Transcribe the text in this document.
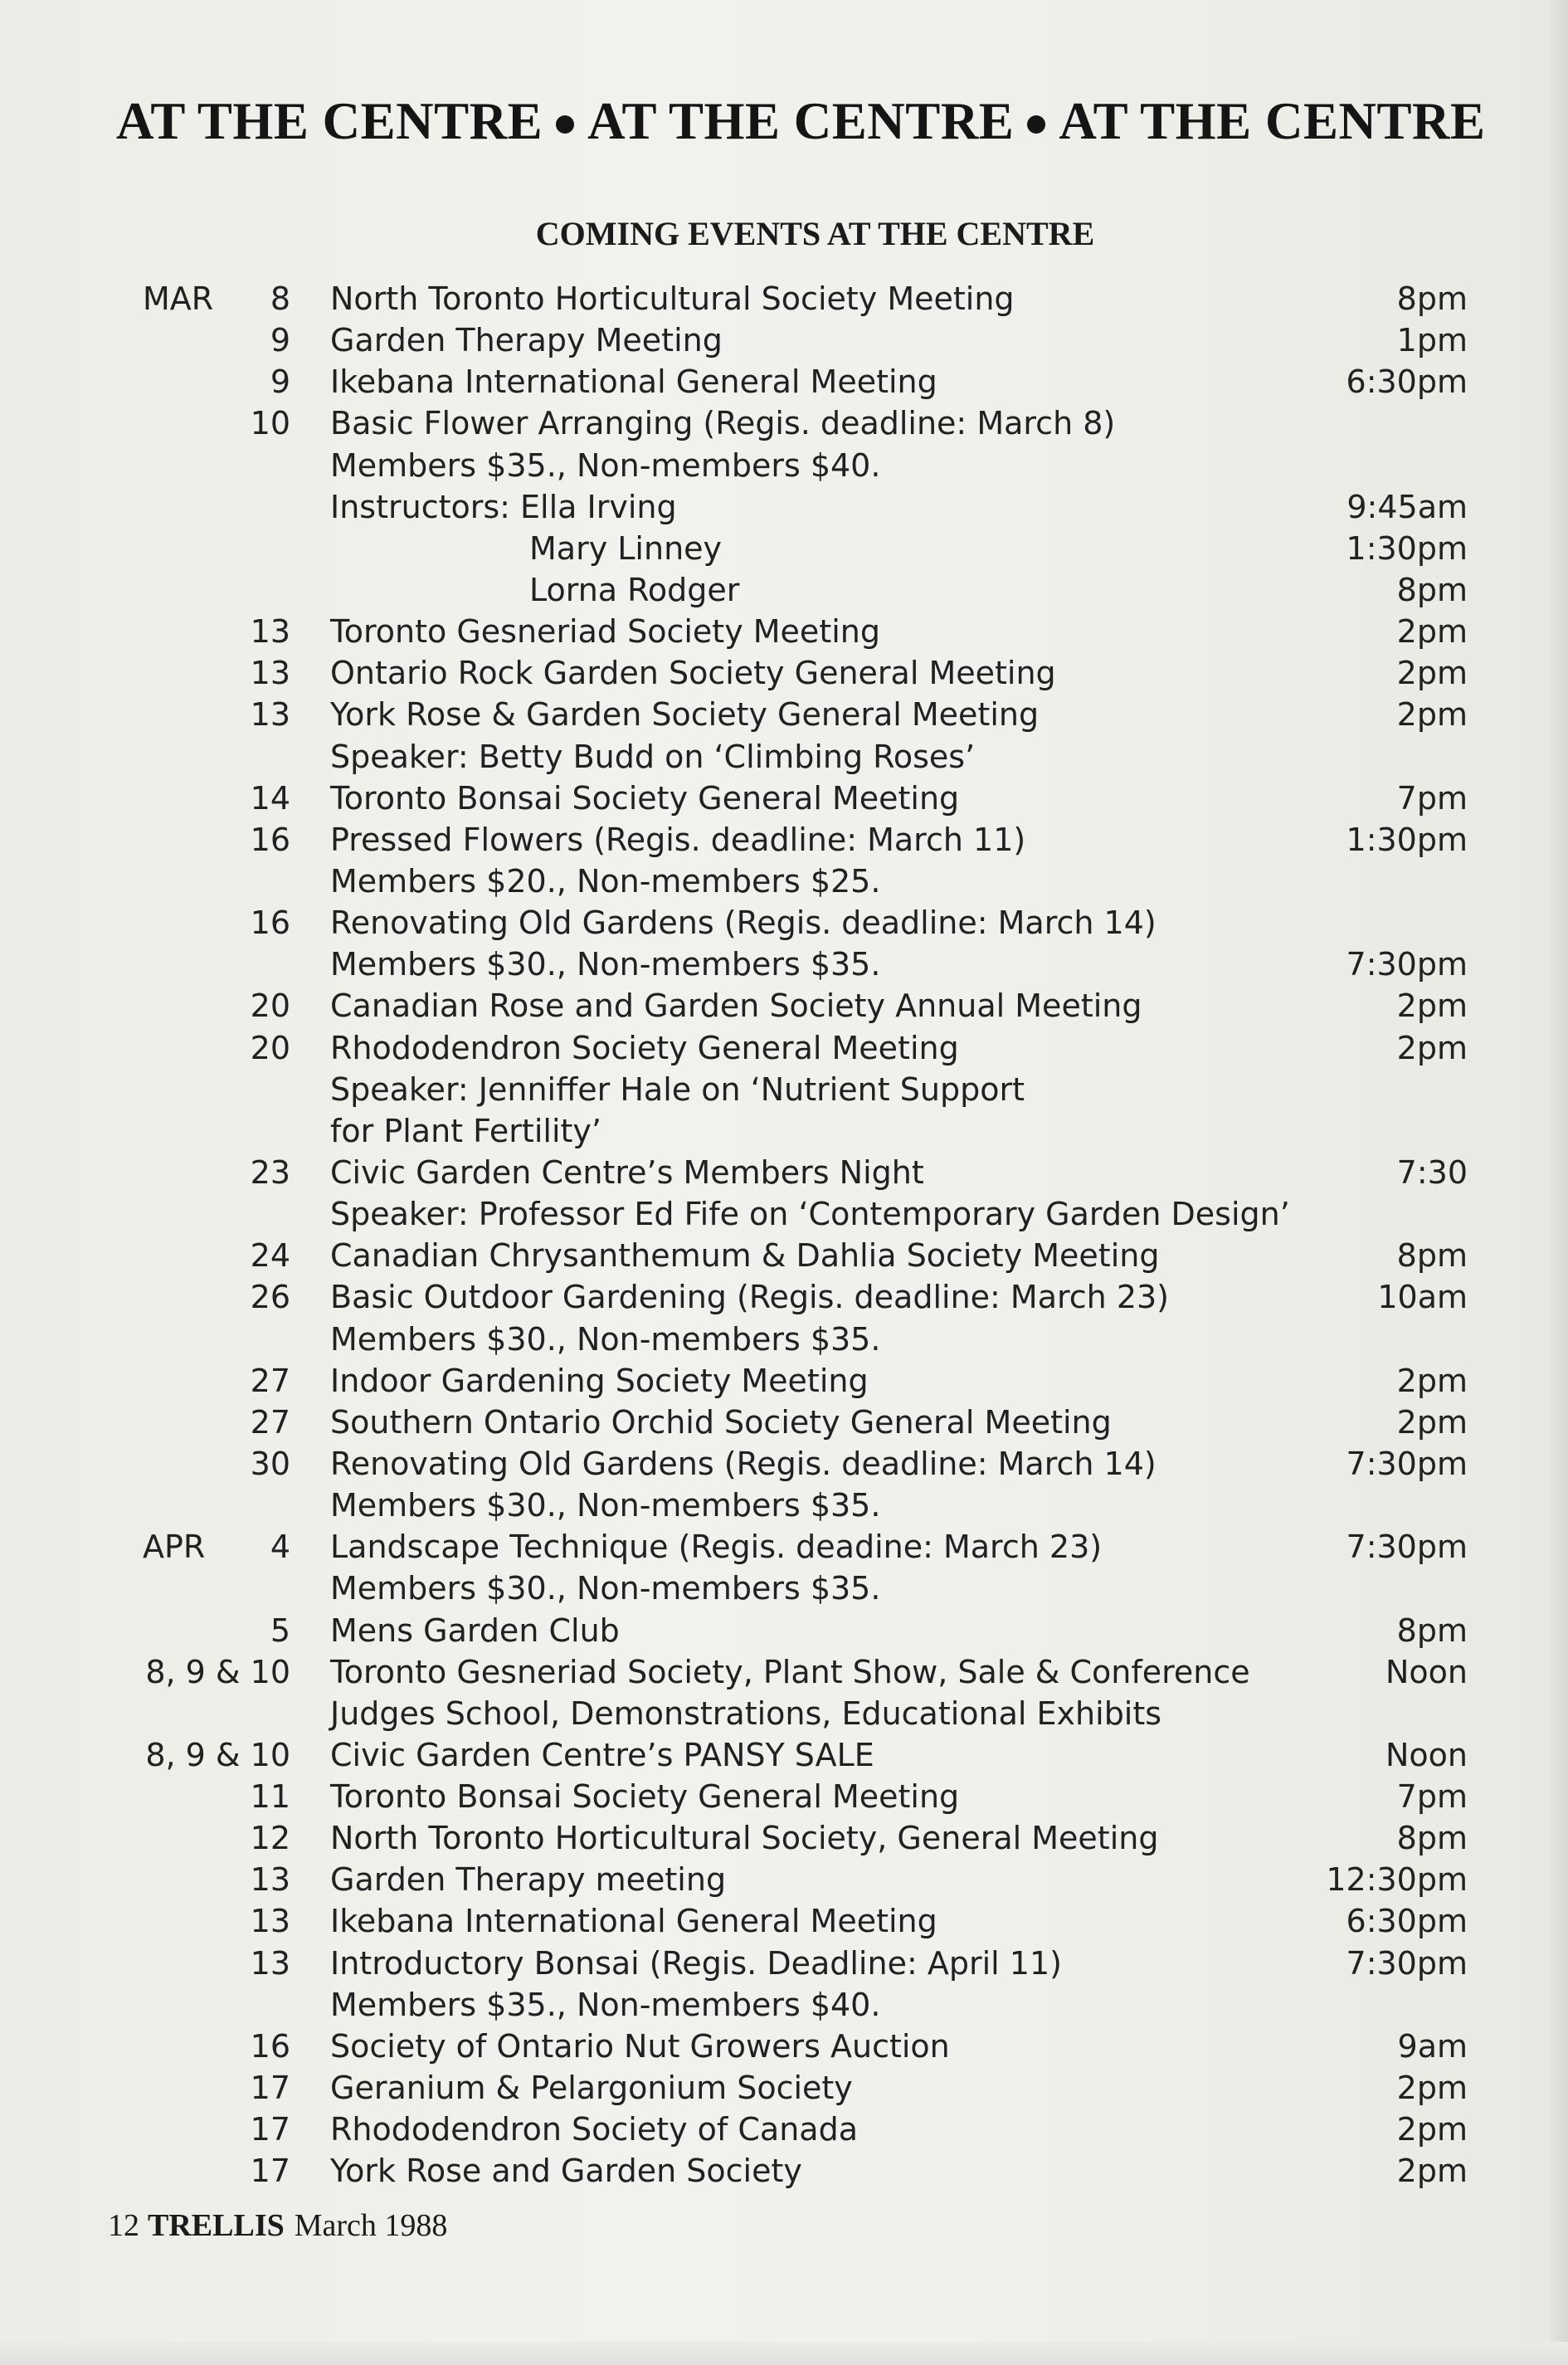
AT THE CENTRE AT THE CENTRE AT THE CENTRE
COMING EVENTS AT THE CENTRE
MAR 8 North Toronto Horticultural Society Meeting	8pm
9 Garden Therapy Meeting	1pm
9 Ikebana International General Meeting	6:30pm
10 Basic Flower Arranging (Regis. deadline: March 8)
Members $35., Non-members $40.
Instructors: Ella Irving	9:45am
Mary Linney	1:30pm
Lorna Rodger	8pm
13 Toronto Gesneriad Society Meeting	2pm
13 Ontario Rock Garden Society General Meeting	2pm
13 York Rose & Garden Society General Meeting	2pm
Speaker: Betty Budd on ‘Climbing Roses’
14 Toronto Bonsai Society General Meeting	7pm
16 Pressed Flowers (Regis. deadline: March 11)	1:30pm
Members $20., Non-members $25.
16 Renovating Old Gardens (Regis. deadline: March 14)
Members $30., Non-members $35.	7:30pm
20 Canadian Rose and Garden Society Annual Meeting	2pm
20 Rhododendron Society General Meeting	2pm
Speaker: Jenniffer Hale on ‘Nutrient Support
for Plant Fertility’
23 Civic Garden Centre’s Members Night	7:30
Speaker: Professor Ed Fife on ‘Contemporary Garden Design’
24 Canadian Chrysanthemum & Dahlia Society Meeting	8pm
26 Basic Outdoor Gardening (Regis. deadline: March 23)	10am
Members $30., Non-members $35.
27 Indoor Gardening Society Meeting	2pm
27 Southern Ontario Orchid Society General Meeting	2pm
30 Renovating Old Gardens (Regis. deadline: March 14)	7:30pm
Members $30., Non-members $35.
APR 4 Landscape Technique (Regis. deadine: March 23)	7:30pm
Members $30., Non-members $35.
5 Mens Garden Club	8pm
8, 9 & 10 Toronto Gesneriad Society, Plant Show, Sale & Conference	Noon
Judges School, Demonstrations, Educational Exhibits
8, 9 & 10 Civic Garden Centre’s PANSY SALE	Noon
11 Toronto Bonsai Society General Meeting	7pm
12 North Toronto Horticultural Society, General Meeting	8pm
13 Garden Therapy meeting	12:30pm
13 Ikebana International General Meeting	6:30pm
13 Introductory Bonsai (Regis. Deadline: April 11)	7:30pm
Members $35., Non-members $40.
16 Society of Ontario Nut Growers Auction	9am
17 Geranium & Pelargonium Society	2pm
17 Rhododendron Society of Canada	2pm
17 York Rose and Garden Society	2pm
12 TRELLIS March 1988
